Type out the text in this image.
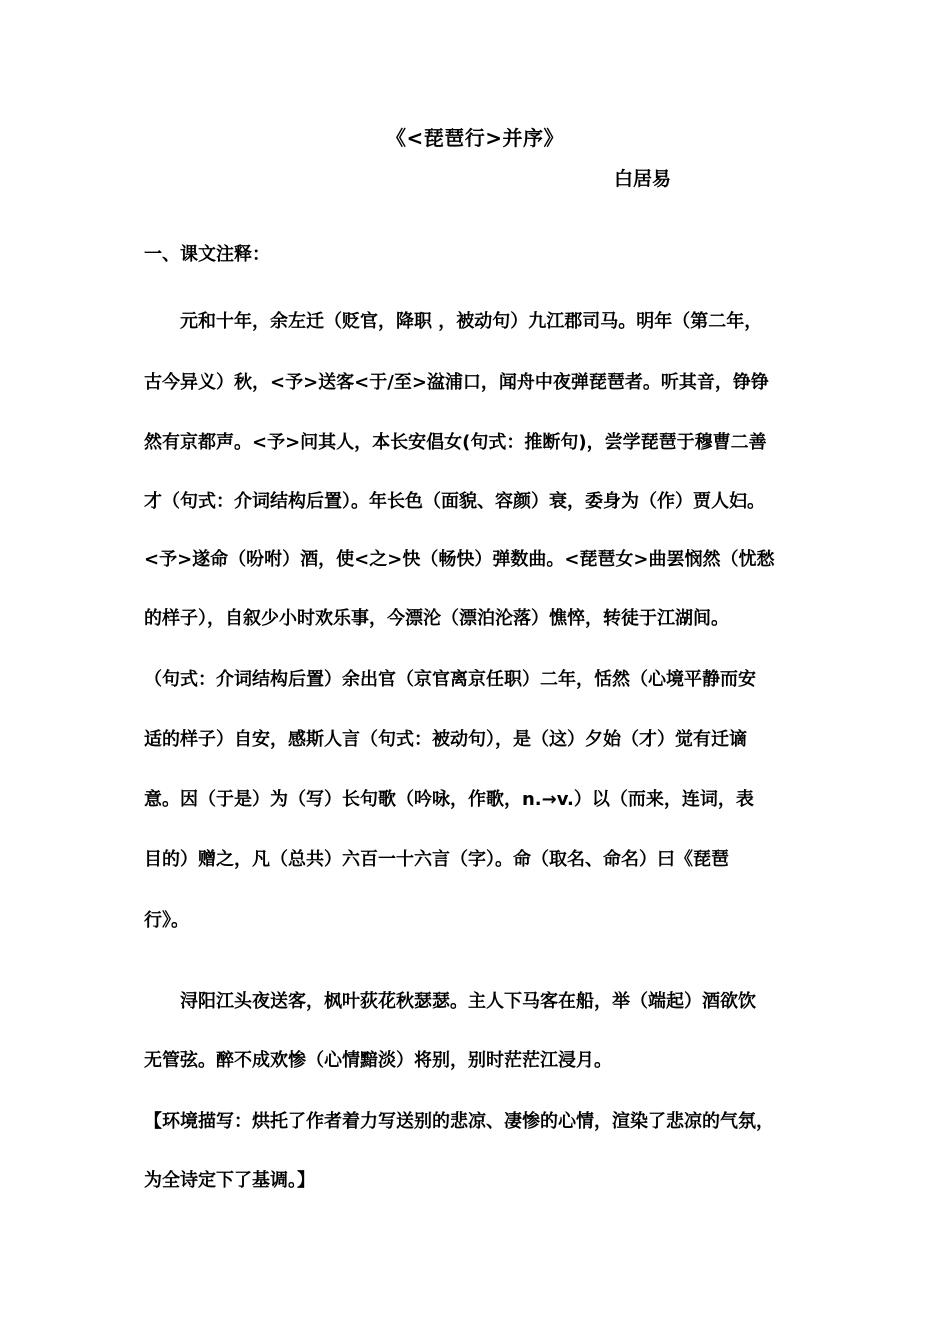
《<琵琶行>并序》
白居易
一、课文注释：
元和十年，余左迁（贬官，降职 ，被动句）九江郡司马。明年（第二年，
古今异义）秋，<予>送客<于/至>湓浦口，闻舟中夜弹琵琶者。听其音，铮铮
然有京都声。<予>问其人，本长安倡女(句式：推断句)，尝学琵琶于穆曹二善
才（句式：介词结构后置）。年长色（面貌、容颜）衰，委身为（作）贾人妇。
<予>遂命（吩咐）酒，使<之>快（畅快）弹数曲。<琵琶女>曲罢悯然（忧愁
的样子），自叙少小时欢乐事，今漂沦（漂泊沦落）憔悴，转徒于江湖间。
（句式：介词结构后置）余出官（京官离京任职）二年，恬然（心境平静而安
适的样子）自安，感斯人言（句式：被动句），是（这）夕始（才）觉有迁谪
意。因（于是）为（写）长句歌（吟咏，作歌，n.→v.）以（而来，连词，表
目的）赠之，凡（总共）六百一十六言（字）。命（取名、命名）曰《琵琶
行》。
浔阳江头夜送客，枫叶荻花秋瑟瑟。主人下马客在船，举（端起）酒欲饮
无管弦。醉不成欢惨（心情黯淡）将别，别时茫茫江浸月。
【环境描写：烘托了作者着力写送别的悲凉、凄惨的心情，渲染了悲凉的气氛，
为全诗定下了基调。】
